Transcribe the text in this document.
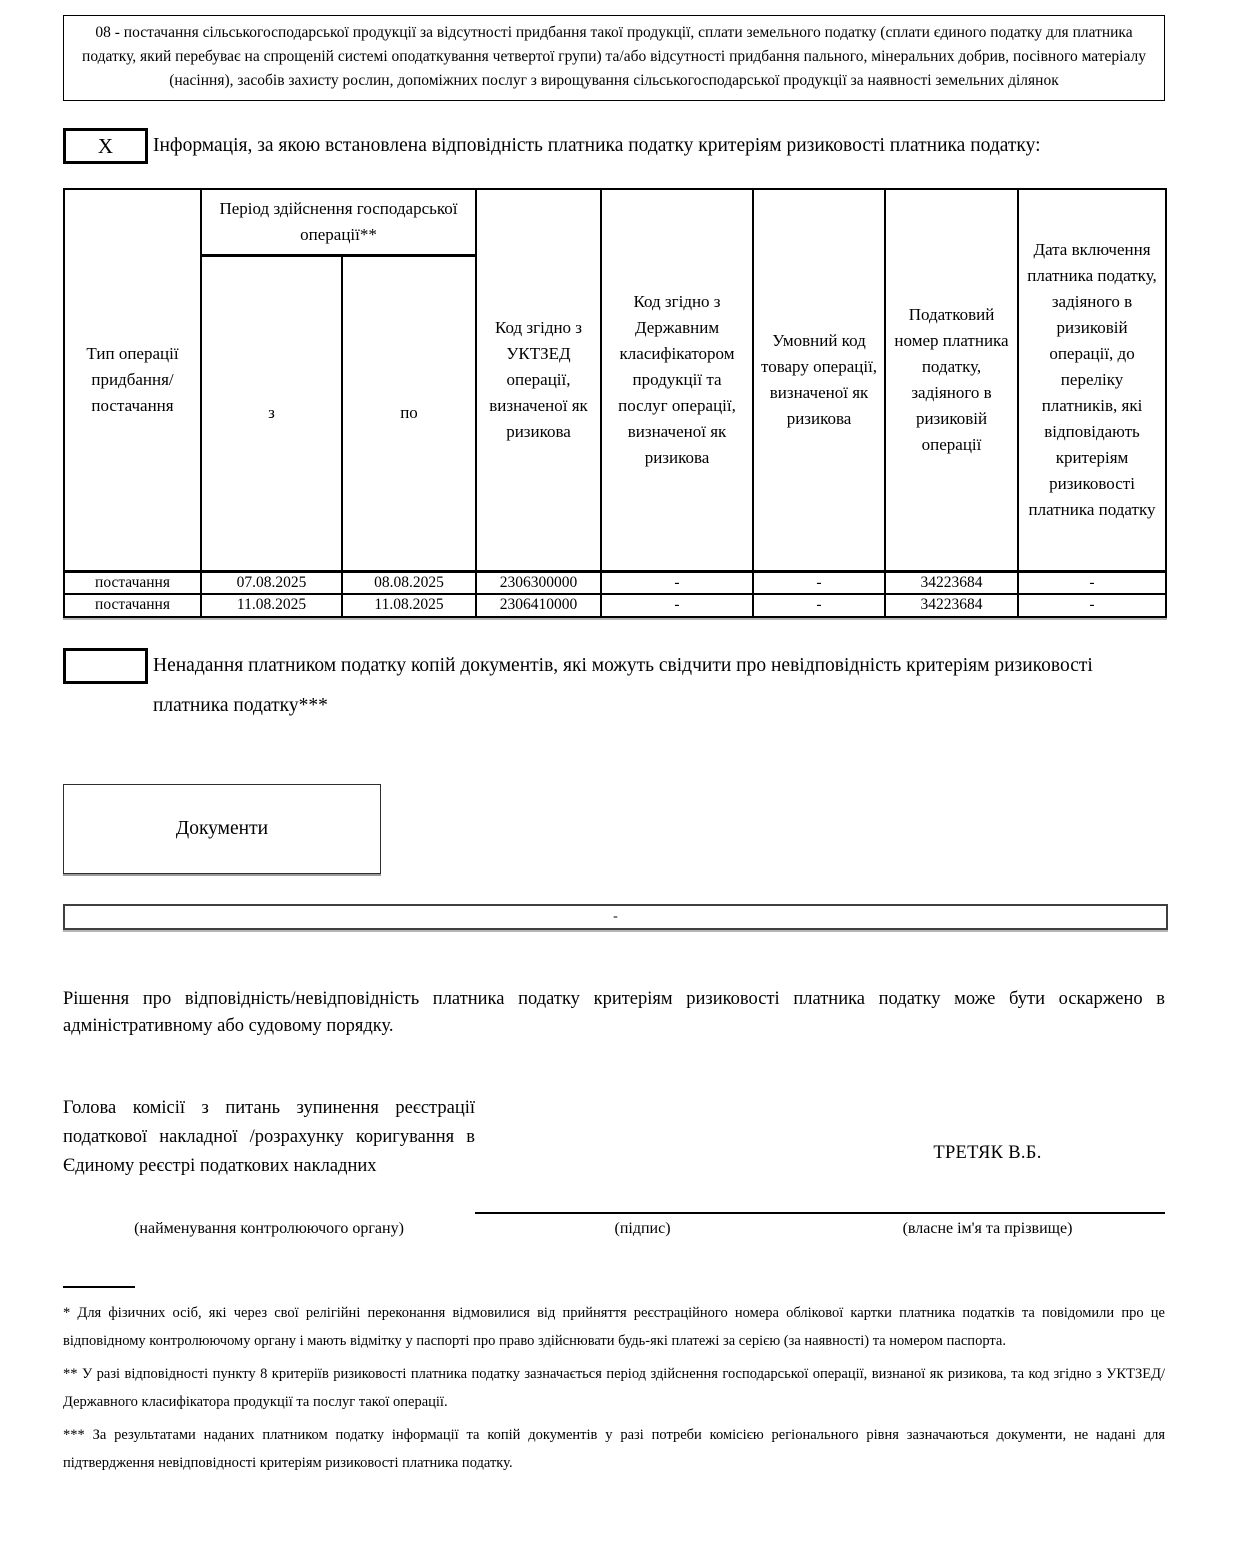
08 - постачання сільськогосподарської продукції за відсутності придбання такої продукції, сплати земельного податку (сплати єдиного податку для платника податку, який перебуває на спрощеній системі оподаткування четвертої групи) та/або відсутності придбання пального, мінеральних добрив, посівного матеріалу (насіння), засобів захисту рослин, допоміжних послуг з вирощування сільськогосподарської продукції за наявності земельних ділянок
X Інформація, за якою встановлена відповідність платника податку критеріям ризиковості платника податку:
Тип операції придбання/ постачання	Період здійснення господарської операції**		Код згідно з УКТЗЕД операції, визначеної як ризикова	Код згідно з Державним класифікатором продукції та послуг операції, визначеної як ризикова	Умовний код товару операції, визначеної як ризикова	Податковий номер платника податку, задіяного в ризиковій операції	Дата включення платника податку, задіяного в ризиковій операції, до переліку платників, які відповідають критеріям ризиковості платника податку
	з	по					
постачання	07.08.2025	08.08.2025	2306300000	-	-	34223684	-
постачання	11.08.2025	11.08.2025	2306410000	-	-	34223684	-
Ненадання платником податку копій документів, які можуть свідчити про невідповідність критеріям ризиковості платника податку***
Документи
-
Рішення про відповідність/невідповідність платника податку критеріям ризиковості платника податку може бути оскаржено в адміністративному або судовому порядку.
Голова комісії з питань зупинення реєстрації податкової накладної /розрахунку коригування в Єдиному реєстрі податкових накладних
ТРЕТЯК В.Б.
(найменування контролюючого органу)	(підпис)	(власне ім'я та прізвище)

* Для фізичних осіб, які через свої релігійні переконання відмовилися від прийняття реєстраційного номера облікової картки платника податків та повідомили про це відповідному контролюючому органу і мають відмітку у паспорті про право здійснювати будь-які платежі за серією (за наявності) та номером паспорта.

** У разі відповідності пункту 8 критеріїв ризиковості платника податку зазначається період здійснення господарської операції, визнаної як ризикова, та код згідно з УКТЗЕД/Державного класифікатора продукції та послуг такої операції.

*** За результатами наданих платником податку інформації та копій документів у разі потреби комісією регіонального рівня зазначаються документи, не надані для підтвердження невідповідності критеріям ризиковості платника податку.
